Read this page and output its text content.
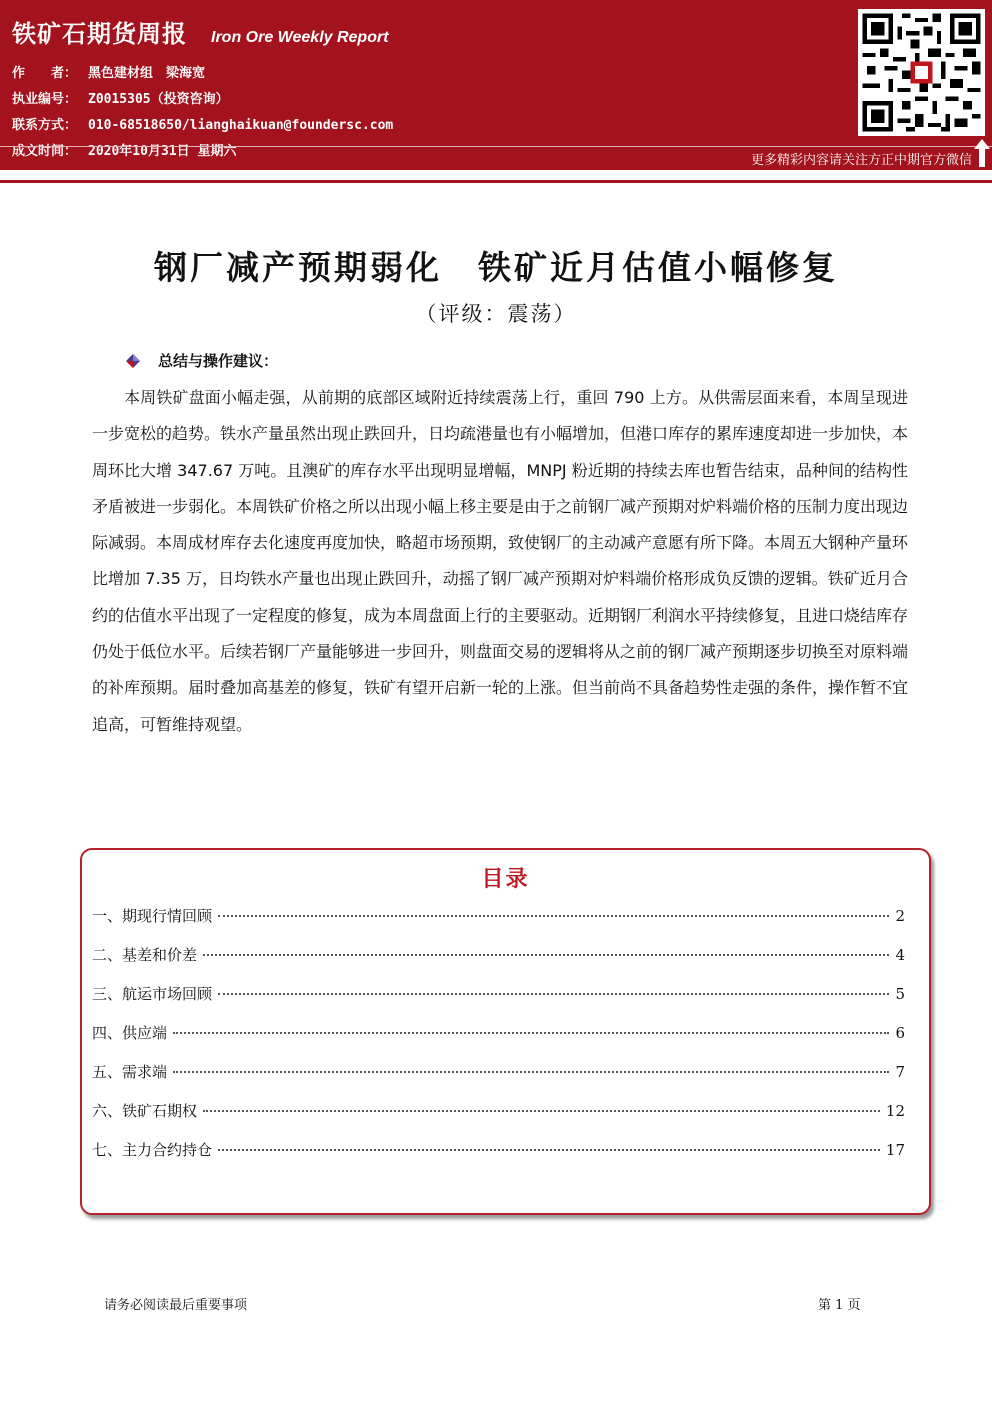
铁矿石期货周报 Iron Ore Weekly Report
作　　者： 黑色建材组　梁海宽
执业编号： Z0015305（投资咨询）
联系方式： 010-68518650/lianghaikuan@foundersc.com
成文时间： 2020年10月31日 星期六
更多精彩内容请关注方正中期官方微信
钢厂减产预期弱化　铁矿近月估值小幅修复
（评级：震荡）
总结与操作建议：

本周铁矿盘面小幅走强，从前期的底部区域附近持续震荡上行，重回 790 上方。从供需层面来看，本周呈现进一步宽松的趋势。铁水产量虽然出现止跌回升，日均疏港量也有小幅增加，但港口库存的累库速度却进一步加快，本周环比大增 347.67 万吨。且澳矿的库存水平出现明显增幅，MNPJ 粉近期的持续去库也暂告结束，品种间的结构性矛盾被进一步弱化。本周铁矿价格之所以出现小幅上移主要是由于之前钢厂减产预期对炉料端价格的压制力度出现边际减弱。本周成材库存去化速度再度加快，略超市场预期，致使钢厂的主动减产意愿有所下降。本周五大钢种产量环比增加 7.35 万，日均铁水产量也出现止跌回升，动摇了钢厂减产预期对炉料端价格形成负反馈的逻辑。铁矿近月合约的估值水平出现了一定程度的修复，成为本周盘面上行的主要驱动。近期钢厂利润水平持续修复，且进口烧结库存仍处于低位水平。后续若钢厂产量能够进一步回升，则盘面交易的逻辑将从之前的钢厂减产预期逐步切换至对原料端的补库预期。届时叠加高基差的修复，铁矿有望开启新一轮的上涨。但当前尚不具备趋势性走强的条件，操作暂不宜追高，可暂维持观望。

目录
一、期现行情回顾	2
二、基差和价差	4
三、航运市场回顾	5
四、供应端	6
五、需求端	7
六、铁矿石期权	12
七、主力合约持仓	17
请务必阅读最后重要事项	第 1 页
